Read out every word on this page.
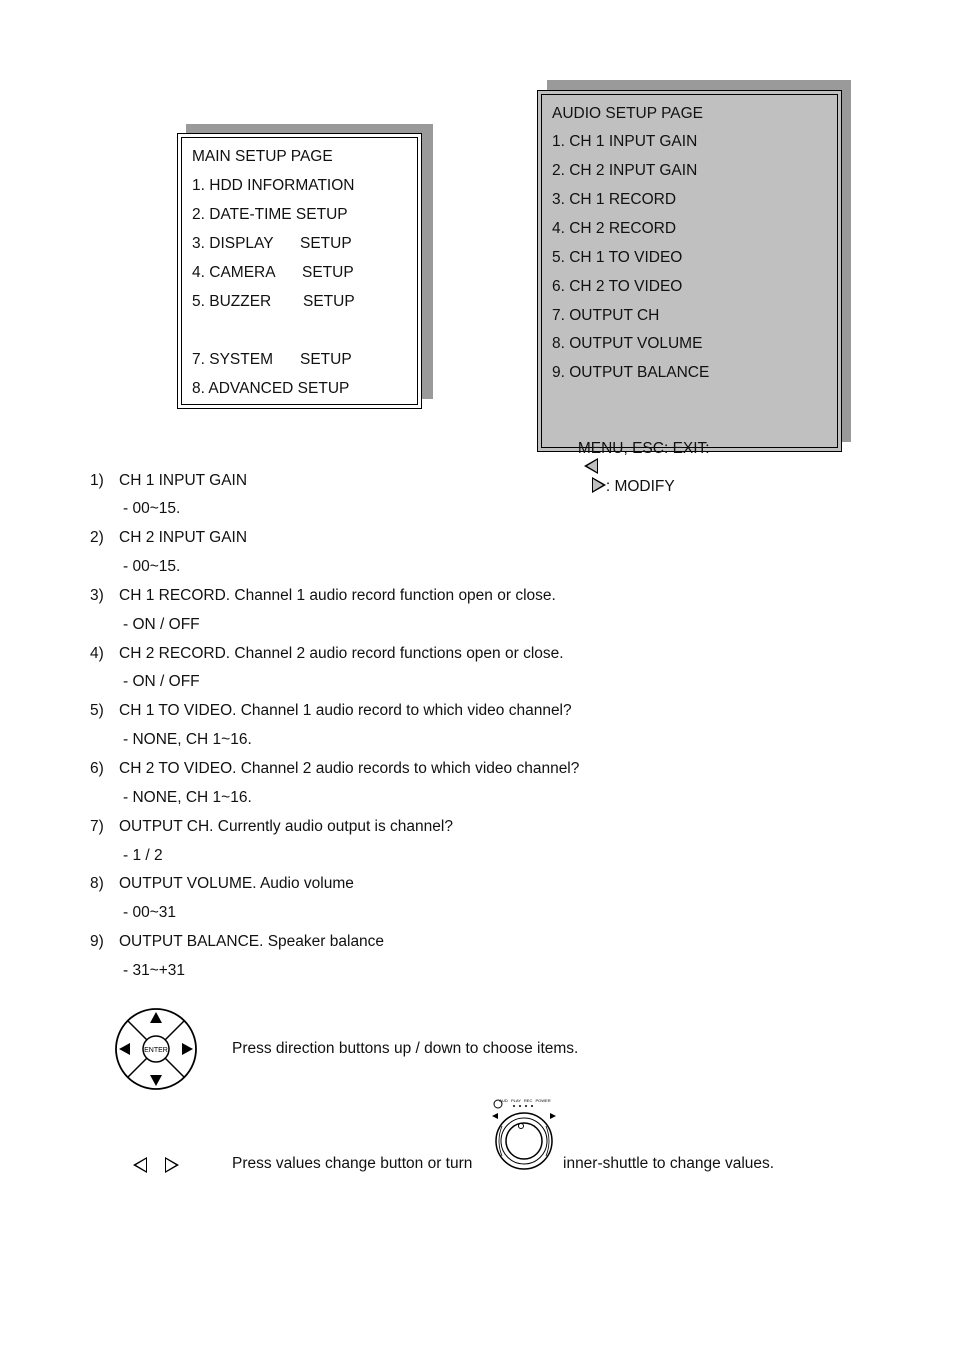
MAIN SETUP PAGE
1. HDD INFORMATION
2. DATE-TIME SETUP
3. DISPLAY SETUP
4. CAMERA SETUP
5. BUZZER SETUP
7. SYSTEM SETUP
8. ADVANCED SETUP
AUDIO SETUP PAGE
1. CH 1 INPUT GAIN
2. CH 2 INPUT GAIN
3. CH 1 RECORD
4. CH 2 RECORD
5. CH 1 TO VIDEO
6. CH 2 TO VIDEO
7. OUTPUT CH
8. OUTPUT VOLUME
9. OUTPUT BALANCE

MENU, ESC: EXIT:

: MODIFY

1) CH 1 INPUT GAIN
- 00~15.
2) CH 2 INPUT GAIN
- 00~15.
3) CH 1 RECORD. Channel 1 audio record function open or close.
- ON / OFF
4) CH 2 RECORD. Channel 2 audio record functions open or close.
- ON / OFF
5) CH 1 TO VIDEO. Channel 1 audio record to which video channel?
- NONE, CH 1~16.
6) CH 2 TO VIDEO. Channel 2 audio records to which video channel?
- NONE, CH 1~16.
7) OUTPUT CH. Currently audio output is channel?
- 1 / 2
8) OUTPUT VOLUME. Audio volume
- 00~31
9) OUTPUT BALANCE. Speaker balance
- 31~+31
ENTER	Press direction buttons up / down to choose items.

Press values change button or turn
AUD PLAY REC POWER
inner-shuttle to change values.
